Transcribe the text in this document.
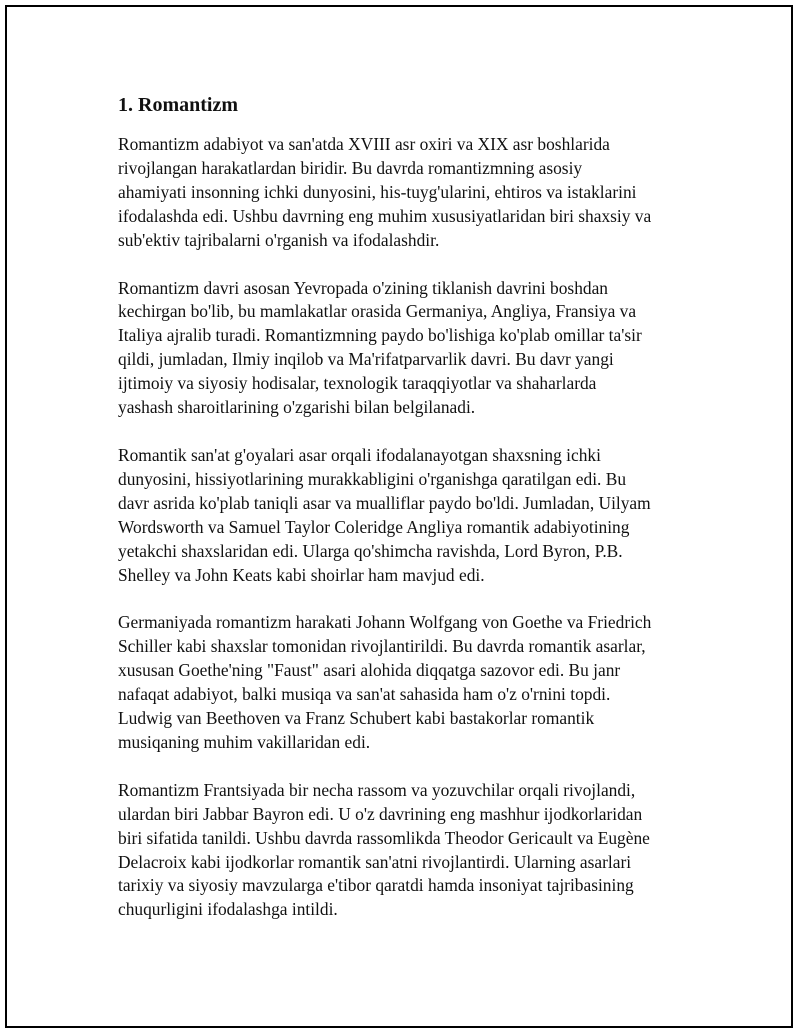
1. Romantizm

Romantizm adabiyot va san'atda XVIII asr oxiri va XIX asr boshlarida
rivojlangan harakatlardan biridir. Bu davrda romantizmning asosiy
ahamiyati insonning ichki dunyosini, his-tuyg'ularini, ehtiros va istaklarini
ifodalashda edi. Ushbu davrning eng muhim xususiyatlaridan biri shaxsiy va
sub'ektiv tajribalarni o'rganish va ifodalashdir.

Romantizm davri asosan Yevropada o'zining tiklanish davrini boshdan
kechirgan bo'lib, bu mamlakatlar orasida Germaniya, Angliya, Fransiya va
Italiya ajralib turadi. Romantizmning paydo bo'lishiga ko'plab omillar ta'sir
qildi, jumladan, Ilmiy inqilob va Ma'rifatparvarlik davri. Bu davr yangi
ijtimoiy va siyosiy hodisalar, texnologik taraqqiyotlar va shaharlarda
yashash sharoitlarining o'zgarishi bilan belgilanadi.

Romantik san'at g'oyalari asar orqali ifodalanayotgan shaxsning ichki
dunyosini, hissiyotlarining murakkabligini o'rganishga qaratilgan edi. Bu
davr asrida ko'plab taniqli asar va mualliflar paydo bo'ldi. Jumladan, Uilyam
Wordsworth va Samuel Taylor Coleridge Angliya romantik adabiyotining
yetakchi shaxslaridan edi. Ularga qo'shimcha ravishda, Lord Byron, P.B.
Shelley va John Keats kabi shoirlar ham mavjud edi.

Germaniyada romantizm harakati Johann Wolfgang von Goethe va Friedrich
Schiller kabi shaxslar tomonidan rivojlantirildi. Bu davrda romantik asarlar,
xususan Goethe'ning "Faust" asari alohida diqqatga sazovor edi. Bu janr
nafaqat adabiyot, balki musiqa va san'at sahasida ham o'z o'rnini topdi.
Ludwig van Beethoven va Franz Schubert kabi bastakorlar romantik
musiqaning muhim vakillaridan edi.

Romantizm Frantsiyada bir necha rassom va yozuvchilar orqali rivojlandi,
ulardan biri Jabbar Bayron edi. U o'z davrining eng mashhur ijodkorlaridan
biri sifatida tanildi. Ushbu davrda rassomlikda Theodor Gericault va Eugène
Delacroix kabi ijodkorlar romantik san'atni rivojlantirdi. Ularning asarlari
tarixiy va siyosiy mavzularga e'tibor qaratdi hamda insoniyat tajribasining
chuqurligini ifodalashga intildi.
